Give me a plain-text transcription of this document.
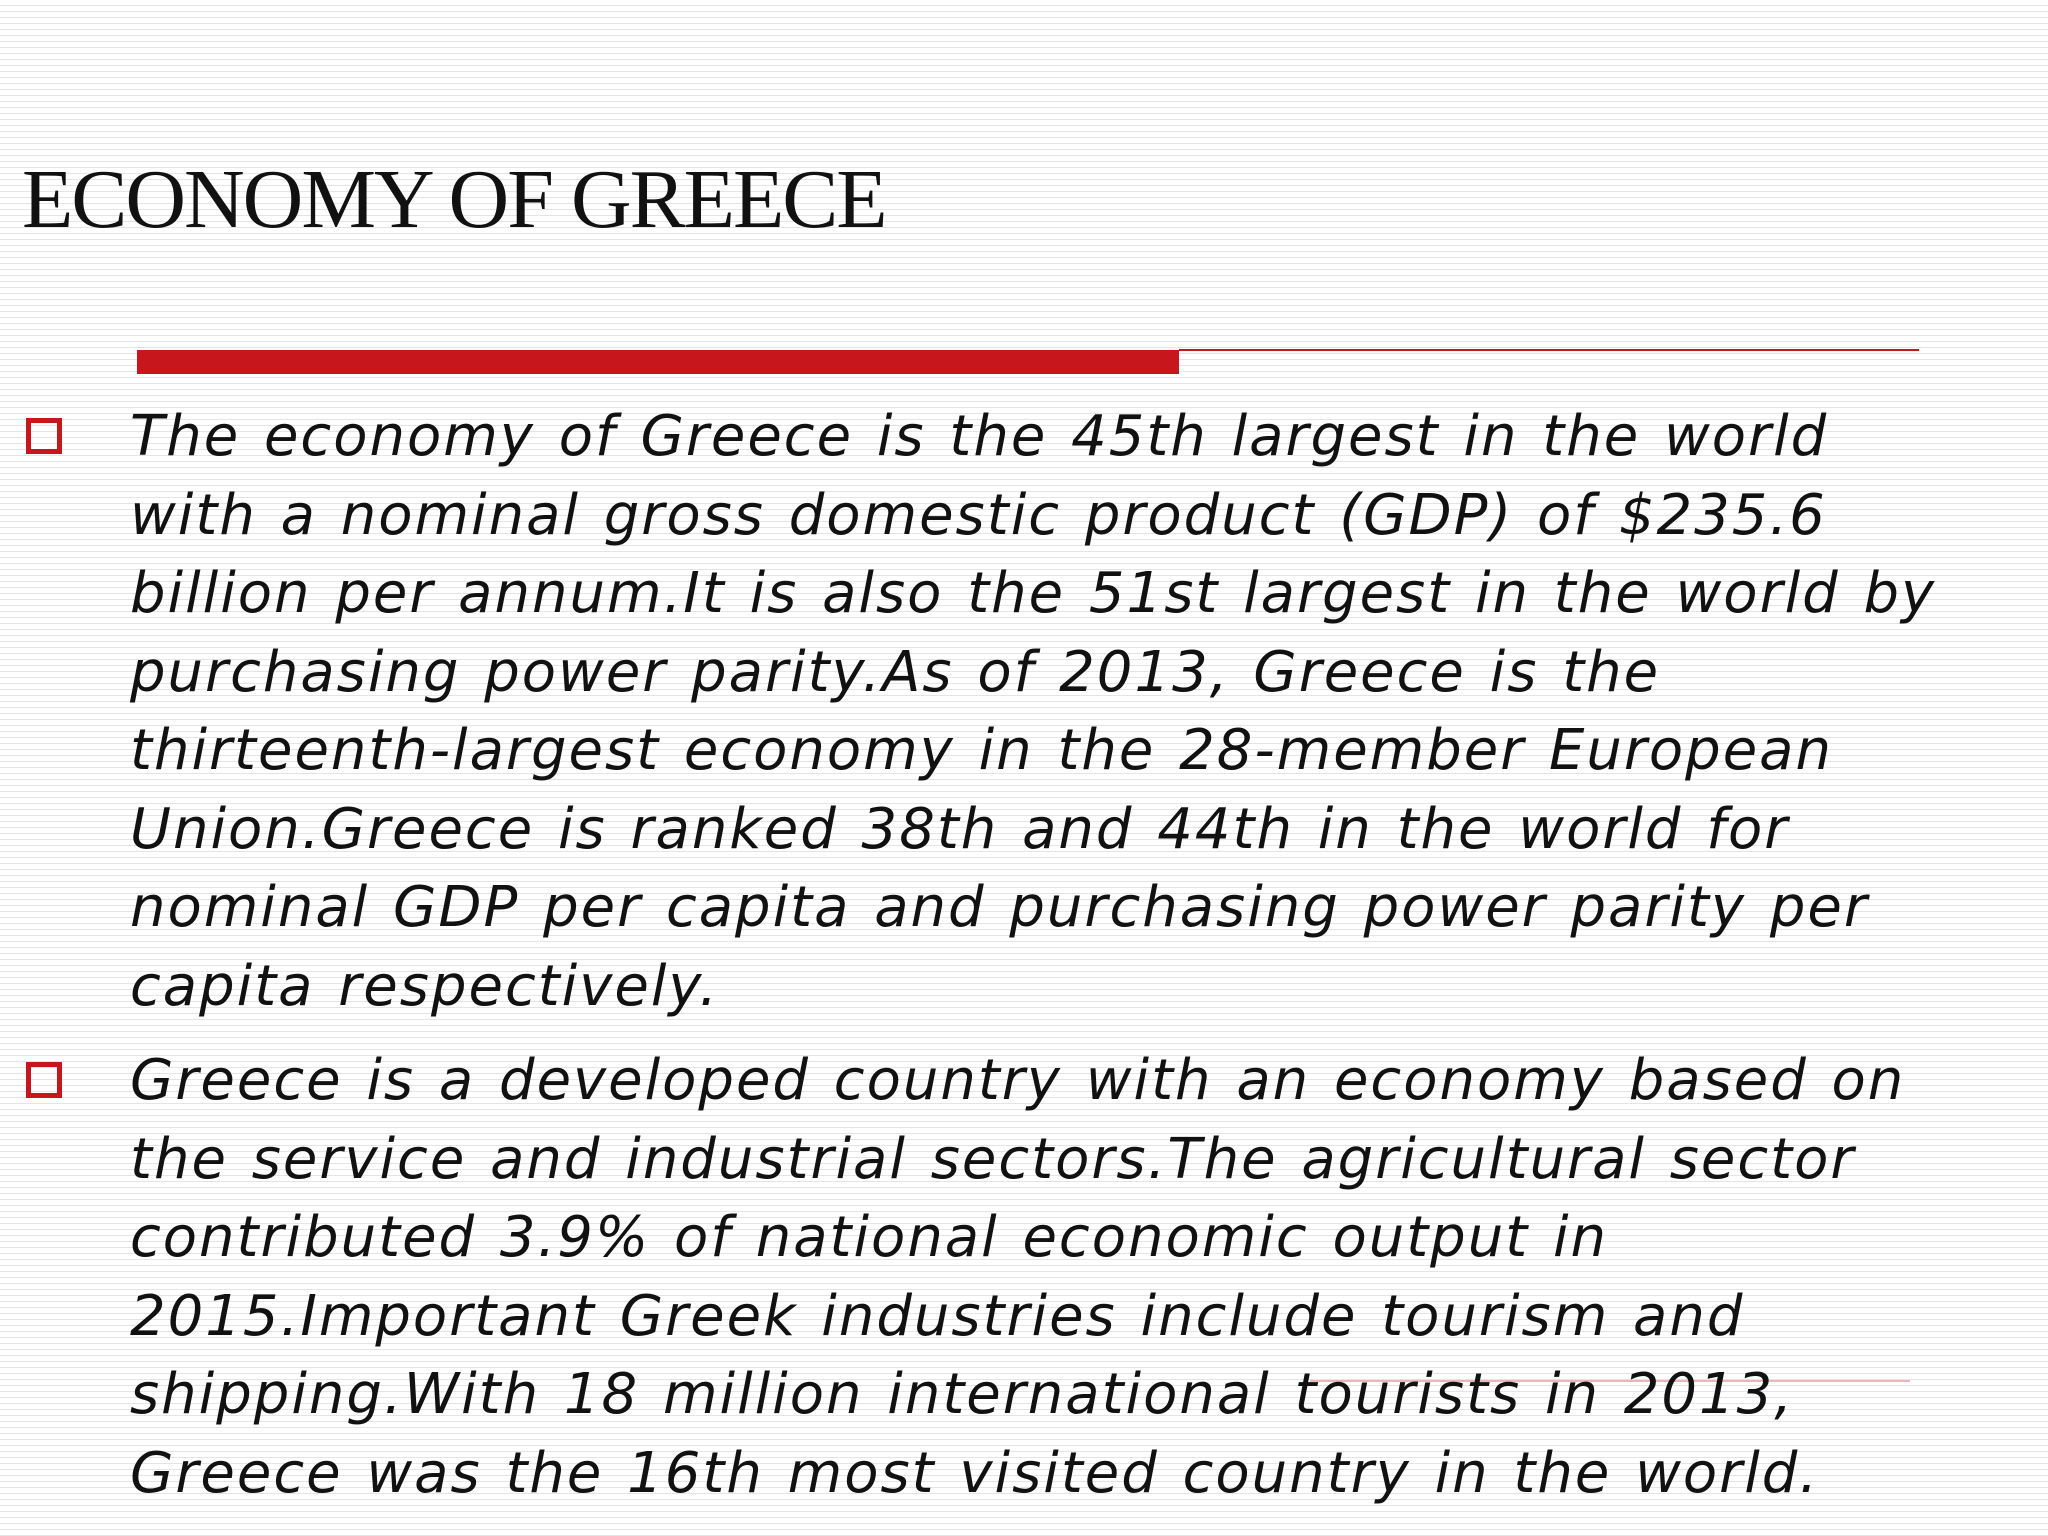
ECONOMY OF GREECE

The economy of Greece is the 45th largest in the world
with a nominal gross domestic product (GDP) of $235.6
billion per annum.It is also the 51st largest in the world by
purchasing power parity.As of 2013, Greece is the
thirteenth-largest economy in the 28-member European
Union.Greece is ranked 38th and 44th in the world for
nominal GDP per capita and purchasing power parity per
capita respectively.

Greece is a developed country with an economy based on
the service and industrial sectors.The agricultural sector
contributed 3.9% of national economic output in
2015.Important Greek industries include tourism and
shipping.With 18 million international tourists in 2013,
Greece was the 16th most visited country in the world.
